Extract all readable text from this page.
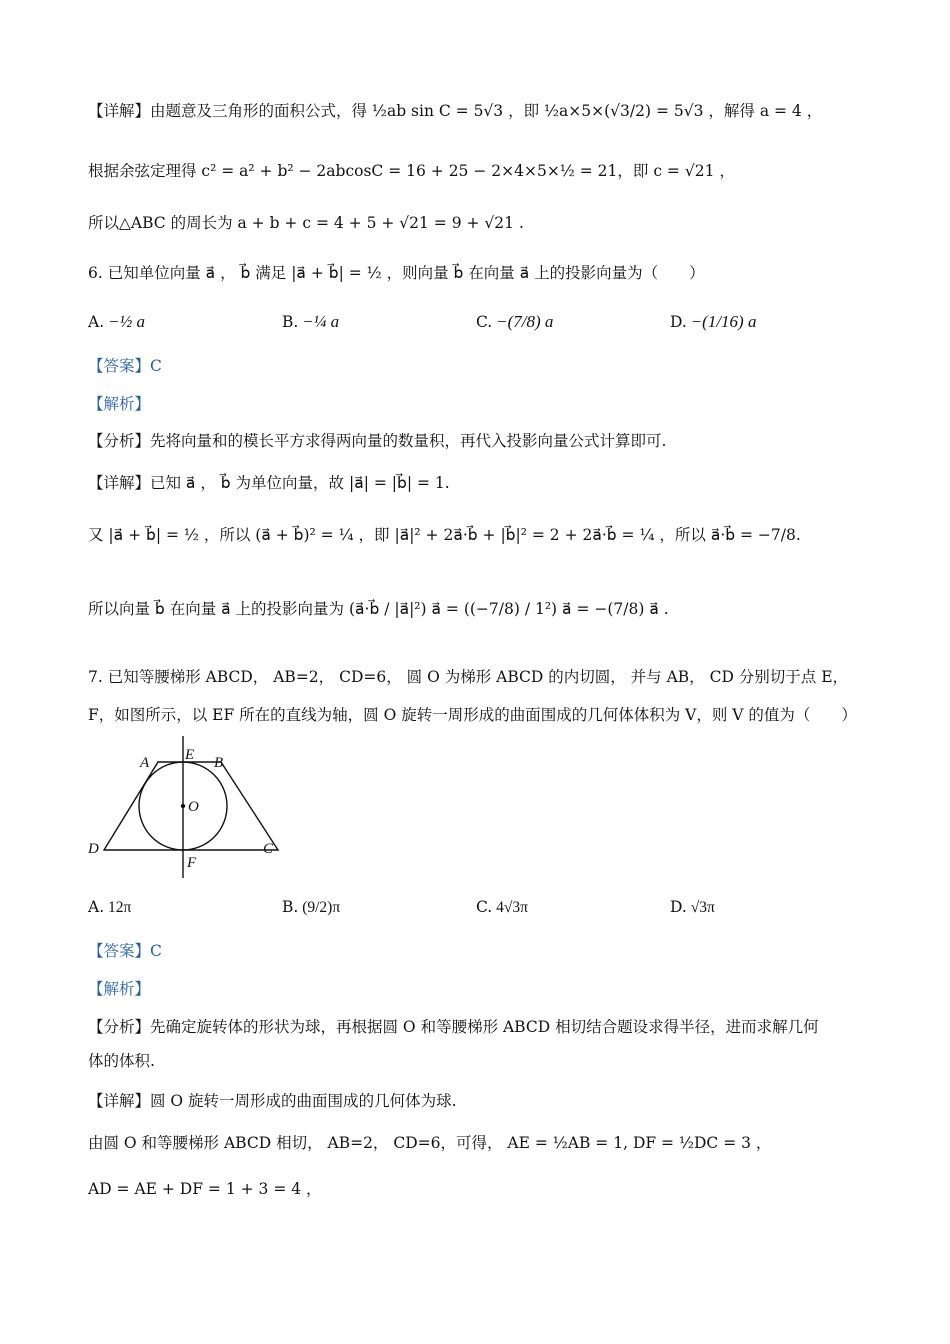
【详解】由题意及三角形的面积公式，得 ½ab sin C = 5√3 ，即 ½a×5×(√3/2) = 5√3 ，解得 a = 4 ，
根据余弦定理得 c² = a² + b² − 2abcosC = 16 + 25 − 2×4×5×½ = 21，即 c = √21 ，
所以△ABC 的周长为 a + b + c = 4 + 5 + √21 = 9 + √21 .
6. 已知单位向量 a⃗ ， b⃗ 满足 |a⃗ + b⃗| = ½ ，则向量 b⃗ 在向量 a⃗ 上的投影向量为（　　）
A. −½ a⃗	B. −¼ a⃗	C. −(7/8) a⃗	D. −(1/16) a⃗
【答案】C
【解析】
【分析】先将向量和的模长平方求得两向量的数量积，再代入投影向量公式计算即可.
【详解】已知 a⃗ ， b⃗ 为单位向量，故 |a⃗| = |b⃗| = 1.
又 |a⃗ + b⃗| = ½ ，所以 (a⃗ + b⃗)² = ¼ ，即 |a⃗|² + 2a⃗·b⃗ + |b⃗|² = 2 + 2a⃗·b⃗ = ¼ ，所以 a⃗·b⃗ = −7/8.
所以向量 b⃗ 在向量 a⃗ 上的投影向量为 (a⃗·b⃗ / |a⃗|²) a⃗ = ((−7/8) / 1²) a⃗ = −(7/8) a⃗ .
7. 已知等腰梯形 ABCD， AB=2， CD=6， 圆 O 为梯形 ABCD 的内切圆， 并与 AB， CD 分别切于点 E，
F，如图所示，以 EF 所在的直线为轴，圆 O 旋转一周形成的曲面围成的几何体体积为 V，则 V 的值为（　　）
A	B
C
D
E
F
O
A. 12π	B. (9/2)π	C. 4√3π	D. √3π
【答案】C
【解析】
【分析】先确定旋转体的形状为球，再根据圆 O 和等腰梯形 ABCD 相切结合题设求得半径，进而求解几何
体的体积.
【详解】圆 O 旋转一周形成的曲面围成的几何体为球.
由圆 O 和等腰梯形 ABCD 相切， AB=2， CD=6，可得， AE = ½AB = 1, DF = ½DC = 3 ，
AD = AE + DF = 1 + 3 = 4 ，
